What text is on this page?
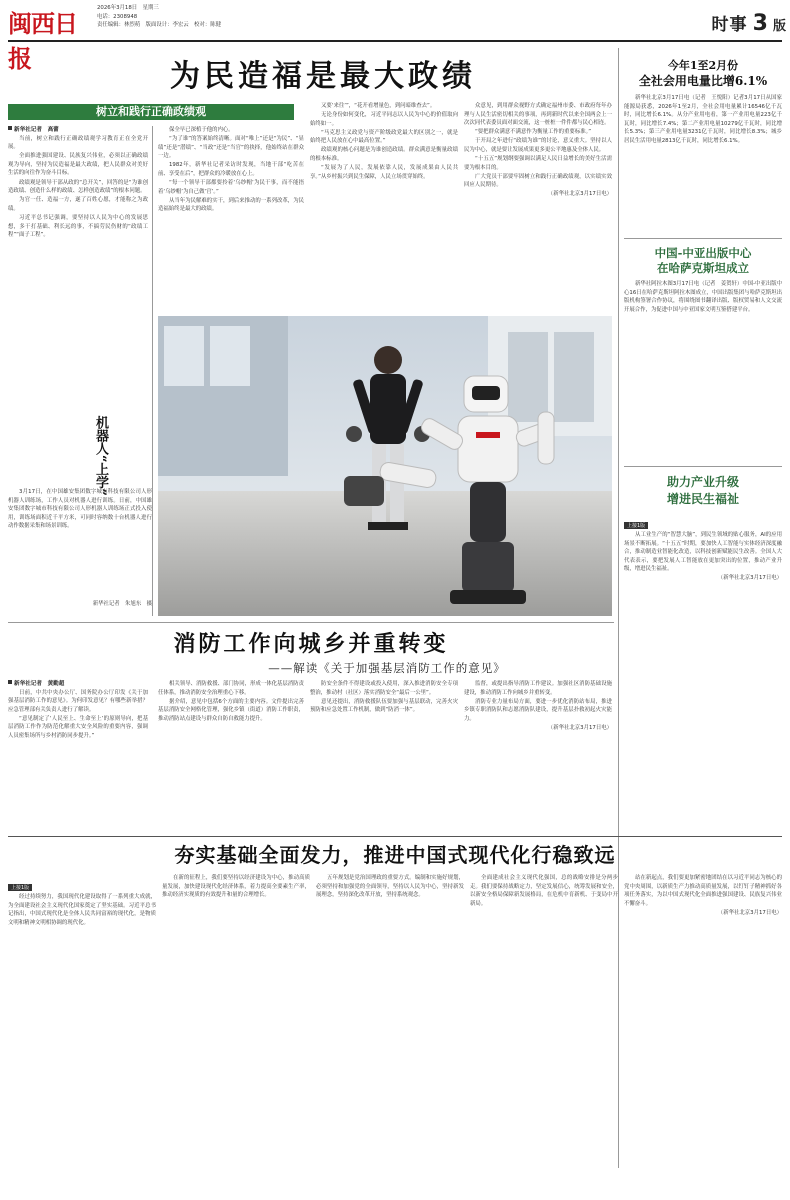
闽西日报
2026年3月18日　星期三
电话：2308948
责任编辑：林烈萌　版面设计：李宏云　校对：陈健	时事 3 版
为民造福是最大政绩
树立和践行正确政绩观
新华社记者　高蕾

当前，树立和践行正确政绩观学习教育正在全党开展。

全面推进强国建设、民族复兴伟业，必须以正确政绩观为导向，坚持为民造福是最大政绩，把人民群众对美好生活的向往作为奋斗目标。

政绩观是领导干部从政的“总开关”，回答的是“为谁创造政绩、创造什么样的政绩、怎样创造政绩”的根本问题。

为官一任、造福一方，遂了百姓心愿，才能称之为政绩。

习近平总书记强调，要坚持以人民为中心的发展思想，多干打基础、利长远的事，不搞劳民伤财的“政绩工程”“面子工程”。

保全早已深植于他的内心。

“为了谁”的答案始终清晰。面对“唯上”还是“为民”、“显绩”还是“潜绩”、“当政”还是“当官”的抉择，他始终站在群众一边。

1982年，新华社记者采访时发现，当地干部“吃苦在前、享受在后”，把群众的冷暖放在心上。

“每一个领导干部都要拎着‘乌纱帽’为民干事，而不能捂着‘乌纱帽’为自己做‘官’。”

从当年为民解难的实干，到后来推动的一系列改革，为民造福始终是最大的政绩。

又要‘来往’”，“花开看增量色，到问暗维查去”。

无论身份如何变化，习近平同志以人民为中心的价值取向始终如一。

“马克思主义政党与资产阶级政党最大的区别之一，就是始终把人民放在心中最高位置。”

政绩观的核心问题是为谁创造政绩。群众满意是衡量政绩的根本标准。

“发展为了人民，发展依靠人民，发展成果由人民共享。”从乡村振兴到民生保障，人民立场贯穿始终。

众意见，到用群众视野方式确定福州市委、市政府每年办理与人民生活密切相关的事项，再到新时代以来全国两会上一次次同代表委员面对面交流，这一桩桩一件件都与民心相连。

“要把群众满意不满意作为衡量工作的重要标准。”

于开局之年进行“政绩为谁”的讨论，意义重大。坚持以人民为中心，就是要让发展成果更多更公平地惠及全体人民。

“十五五”规划纲要强调以满足人民日益增长的美好生活需要为根本目的。

广大党员干部要牢固树立和践行正确政绩观，以实绩实效回应人民期待。

（新华社北京3月17日电）
机器人“上学”

3月17日，在中国雄安集团数字城市科技有限公司人形机器人训练场，工作人员对机器人进行训练。日前，中国雄安集团数字城市科技有限公司人形机器人训练场正式投入使用，训练场面积近千平方米，可同时容纳数十台机器人进行动作数据采集和场景训练。

新华社记者　朱旭东　摄
消防工作向城乡并重转变
——解读《关于加强基层消防工作的意见》
新华社记者　黄勤超

日前，中共中央办公厅、国务院办公厅印发《关于加强基层消防工作的意见》。为何印发意见？有哪些新举措？应急管理部有关负责人进行了解读。

“意见制定了‘人民至上、生命至上’的原则导向，把基层消防工作作为防范化解重大安全风险的重要内容，强调人员密集场所与乡村消防同步提升。”

相关领导、消防救援、部门协同，形成一体化基层消防责任体系，推动消防安全治理重心下移。

据介绍，意见中包括6个方面的主要内容。文件提出完善基层消防安全网格化管理，强化乡镇（街道）消防工作职责，推动消防站点建设与群众自防自救能力提升。

防安全条件不得建设或投入使用，深入推进消防安全专项整治，推动村（社区）落实消防安全“最后一公里”。

意见还提出，消防救援队伍要加强与基层联动，完善火灾预防和应急处置工作机制，做到“防消一体”。

监督，或提出指导消防工作建议。加强社区消防基础设施建设，推动消防工作向城乡并重转变。

消防专业力量布局方面，要进一步优化消防站布局，推进乡镇专职消防队和志愿消防队建设，提升基层扑救初起火灾能力。

（新华社北京3月17日电）
夯实基础全面发力，推进中国式现代化行稳致远
上接1版

经过持续努力，我国现代化建设取得了一系列重大成就，为全面建设社会主义现代化国家奠定了坚实基础。习近平总书记指出，中国式现代化是全体人民共同富裕的现代化，是物质文明和精神文明相协调的现代化。

在新的征程上，我们要坚持以经济建设为中心，推动高质量发展，加快建设现代化经济体系，着力提高全要素生产率，推动经济实现质的有效提升和量的合理增长。

五年规划是党治国理政的重要方式。编制和实施好规划，必须坚持和加强党的全面领导，坚持以人民为中心，坚持新发展理念，坚持深化改革开放，坚持系统观念。

全面建成社会主义现代化强国，总的战略安排是分两步走。我们要保持战略定力，坚定发展信心，统筹发展和安全，以新安全格局保障新发展格局，在危机中育新机、于变局中开新局。

站在新起点，我们要更加紧密地团结在以习近平同志为核心的党中央周围，以新质生产力推动高质量发展，以钉钉子精神抓好各项任务落实，为以中国式现代化全面推进强国建设、民族复兴伟业不懈奋斗。

（新华社北京3月17日电）
今年1至2月份
全社会用电量比增6.1%

新华社北京3月17日电（记者　王悦阳）记者3月17日从国家能源局获悉，2026年1至2月，全社会用电量累计16546亿千瓦时，同比增长6.1%。从分产业用电看，第一产业用电量223亿千瓦时，同比增长7.4%；第二产业用电量10279亿千瓦时，同比增长5.3%；第三产业用电量3231亿千瓦时，同比增长8.3%；城乡居民生活用电量2813亿千瓦时，同比增长6.1%。

中国-中亚出版中心
在哈萨克斯坦成立

新华社阿拉木图3月17日电（记者　姜贺轩）中国-中亚出版中心16日在哈萨克斯坦阿拉木图成立，中国出版集团与哈萨克斯坦出版机构签署合作协议，将围绕图书翻译出版、版权贸易和人文交流开展合作，为促进中国与中亚国家文明互鉴搭建平台。

助力产业升级
增进民生福祉
上接1版

从工业生产的“智慧大脑”，到民生领域的贴心服务，AI的应用场景不断拓展。“十五五”时期，要加快人工智能与实体经济深度融合，推动制造业智能化改造，以科技创新赋能民生改善。全国人大代表表示，要把发展人工智能放在更加突出的位置，推动产业升级，增进民生福祉。

（新华社北京3月17日电）
